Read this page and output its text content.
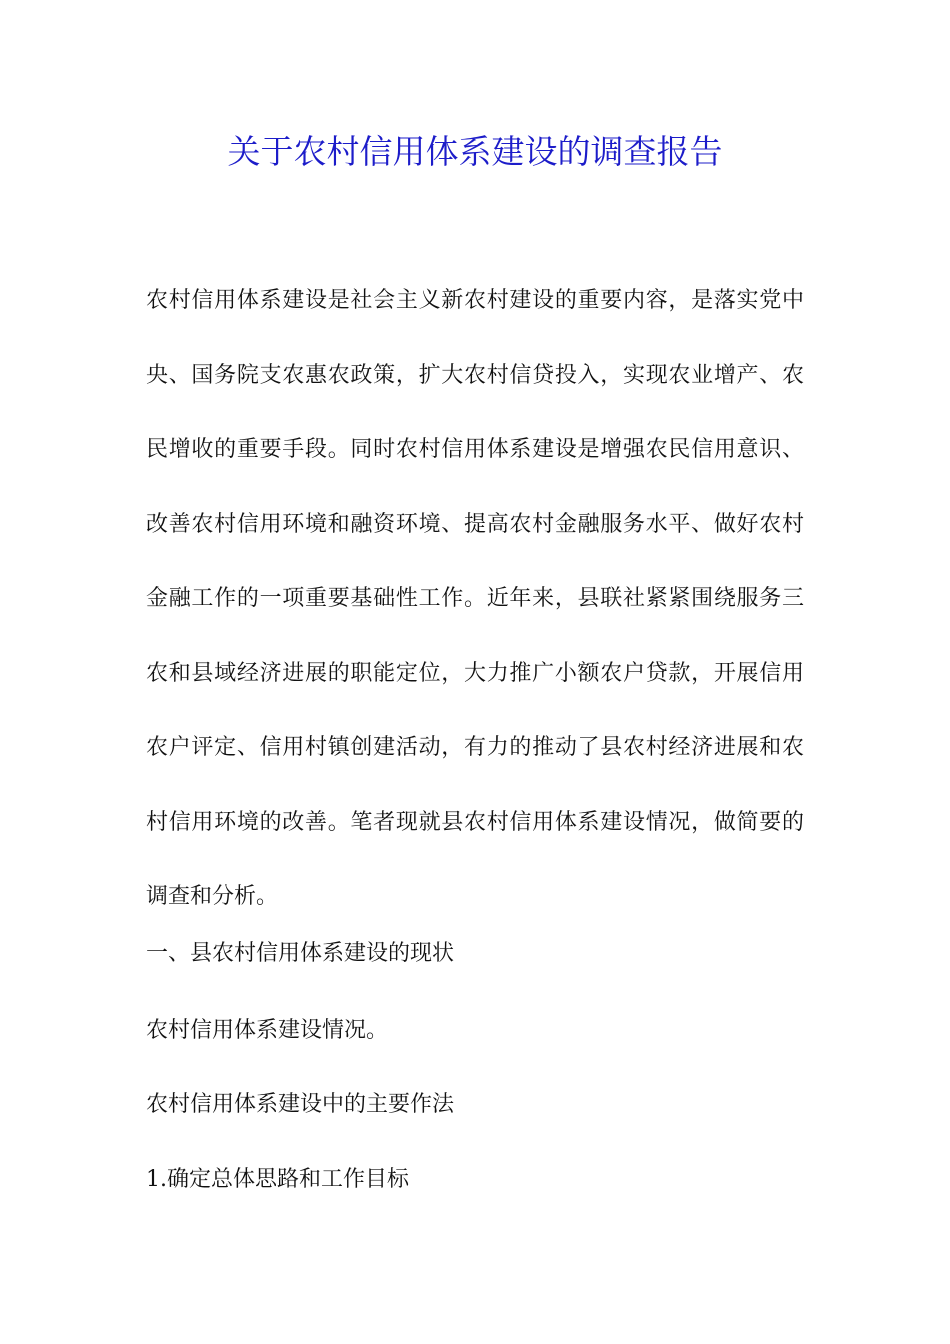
关于农村信用体系建设的调查报告

农村信用体系建设是社会主义新农村建设的重要内容，是落实党中央、国务院支农惠农政策，扩大农村信贷投入，实现农业增产、农民增收的重要手段。同时农村信用体系建设是增强农民信用意识、改善农村信用环境和融资环境、提高农村金融服务水平、做好农村金融工作的一项重要基础性工作。近年来，县联社紧紧围绕服务三农和县域经济进展的职能定位，大力推广小额农户贷款，开展信用农户评定、信用村镇创建活动，有力的推动了县农村经济进展和农村信用环境的改善。笔者现就县农村信用体系建设情况，做简要的调查和分析。

一、县农村信用体系建设的现状

农村信用体系建设情况。

农村信用体系建设中的主要作法

1.确定总体思路和工作目标
